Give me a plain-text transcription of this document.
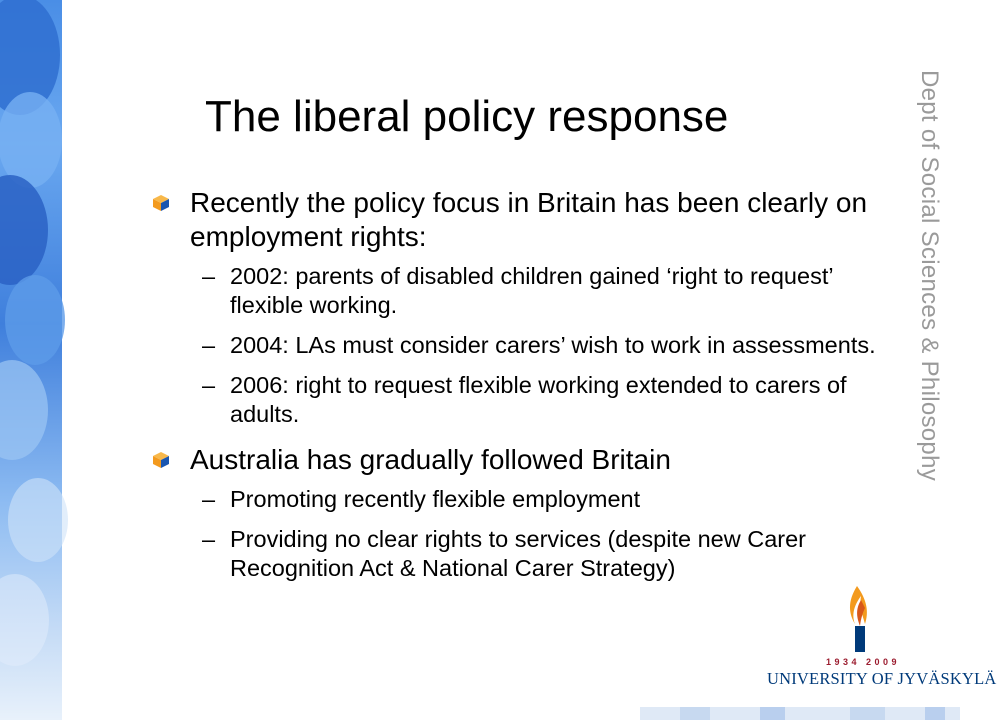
Dept of Social Sciences & Philosophy
The liberal policy response
Recently the policy focus in Britain has been clearly on employment rights:
– 2002: parents of disabled children gained ‘right to request’ flexible working.
– 2004: LAs must consider carers’ wish to work in assessments.
– 2006: right to request flexible working extended to carers of adults.
Australia has gradually followed Britain
– Promoting recently flexible employment
– Providing no clear rights to services (despite new Carer Recognition Act & National Carer Strategy)
1934 2009
UNIVERSITY OF JYVÄSKYLÄ
